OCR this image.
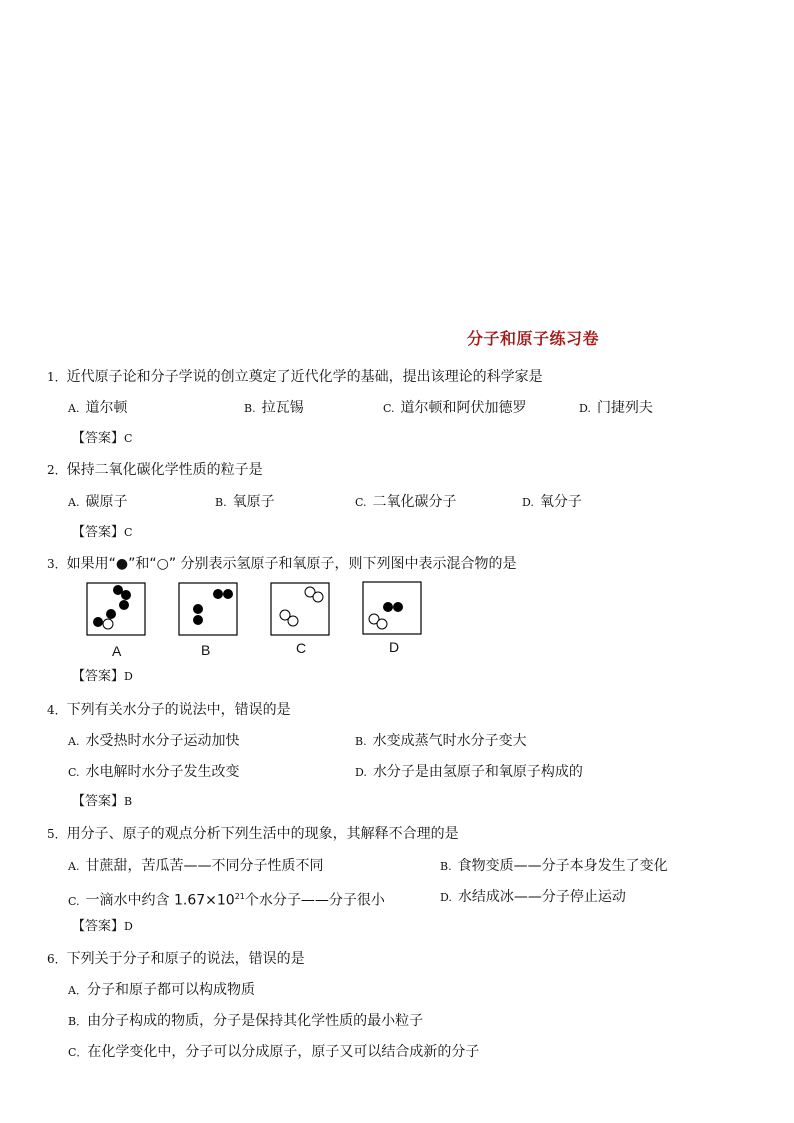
分子和原子练习卷
1．近代原子论和分子学说的创立奠定了近代化学的基础，提出该理论的科学家是
A. 道尔顿	B. 拉瓦锡	C. 道尔顿和阿伏加德罗	D. 门捷列夫
【答案】C
2．保持二氧化碳化学性质的粒子是
A. 碳原子	B. 氧原子	C. 二氧化碳分子	D. 氧分子
【答案】C
3．如果用“●”和“○” 分别表示氢原子和氧原子，则下列图中表示混合物的是
A	B	C	D
【答案】D
4．下列有关水分子的说法中，错误的是
A. 水受热时水分子运动加快	B. 水变成蒸气时水分子变大
C. 水电解时水分子发生改变	D. 水分子是由氢原子和氧原子构成的
【答案】B
5．用分子、原子的观点分析下列生活中的现象，其解释不合理的是
A. 甘蔗甜，苦瓜苦——不同分子性质不同	B. 食物变质——分子本身发生了变化
C. 一滴水中约含 $1.67\times 10^{21}$个水分子——分子很小	D. 水结成冰——分子停止运动
【答案】D
6．下列关于分子和原子的说法，错误的是
A．分子和原子都可以构成物质
B．由分子构成的物质，分子是保持其化学性质的最小粒子
C．在化学变化中，分子可以分成原子，原子又可以结合成新的分子
